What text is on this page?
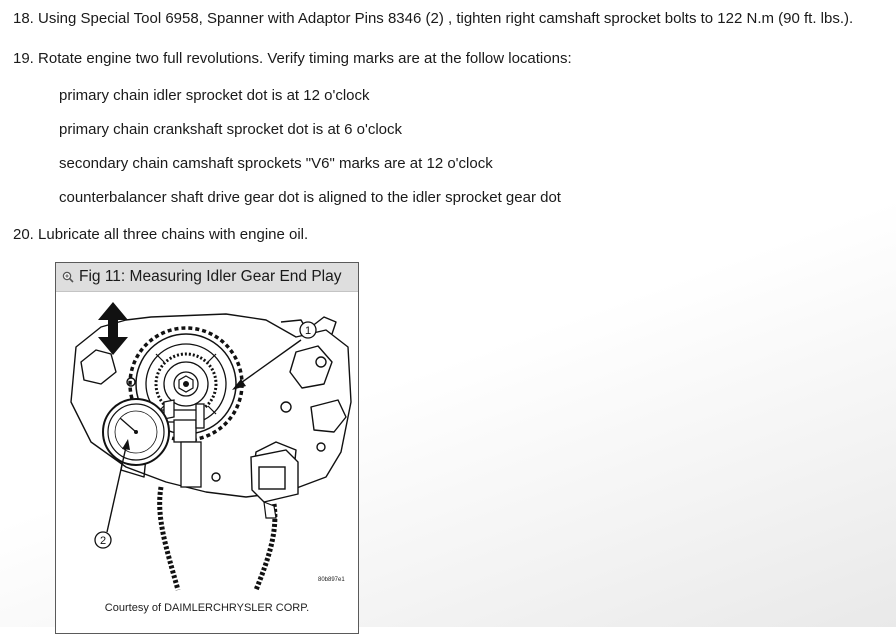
18. Using Special Tool 6958, Spanner with Adaptor Pins 8346 (2) , tighten right camshaft sprocket bolts to 122 N.m (90 ft. lbs.).
19. Rotate engine two full revolutions. Verify timing marks are at the follow locations:
primary chain idler sprocket dot is at 12 o'clock
primary chain crankshaft sprocket dot is at 6 o'clock
secondary chain camshaft sprockets "V6" marks are at 12 o'clock
counterbalancer shaft drive gear dot is aligned to the idler sprocket gear dot
20. Lubricate all three chains with engine oil.
Fig 11: Measuring Idler Gear End Play
1
2
80b897e1
Courtesy of DAIMLERCHRYSLER CORP.
